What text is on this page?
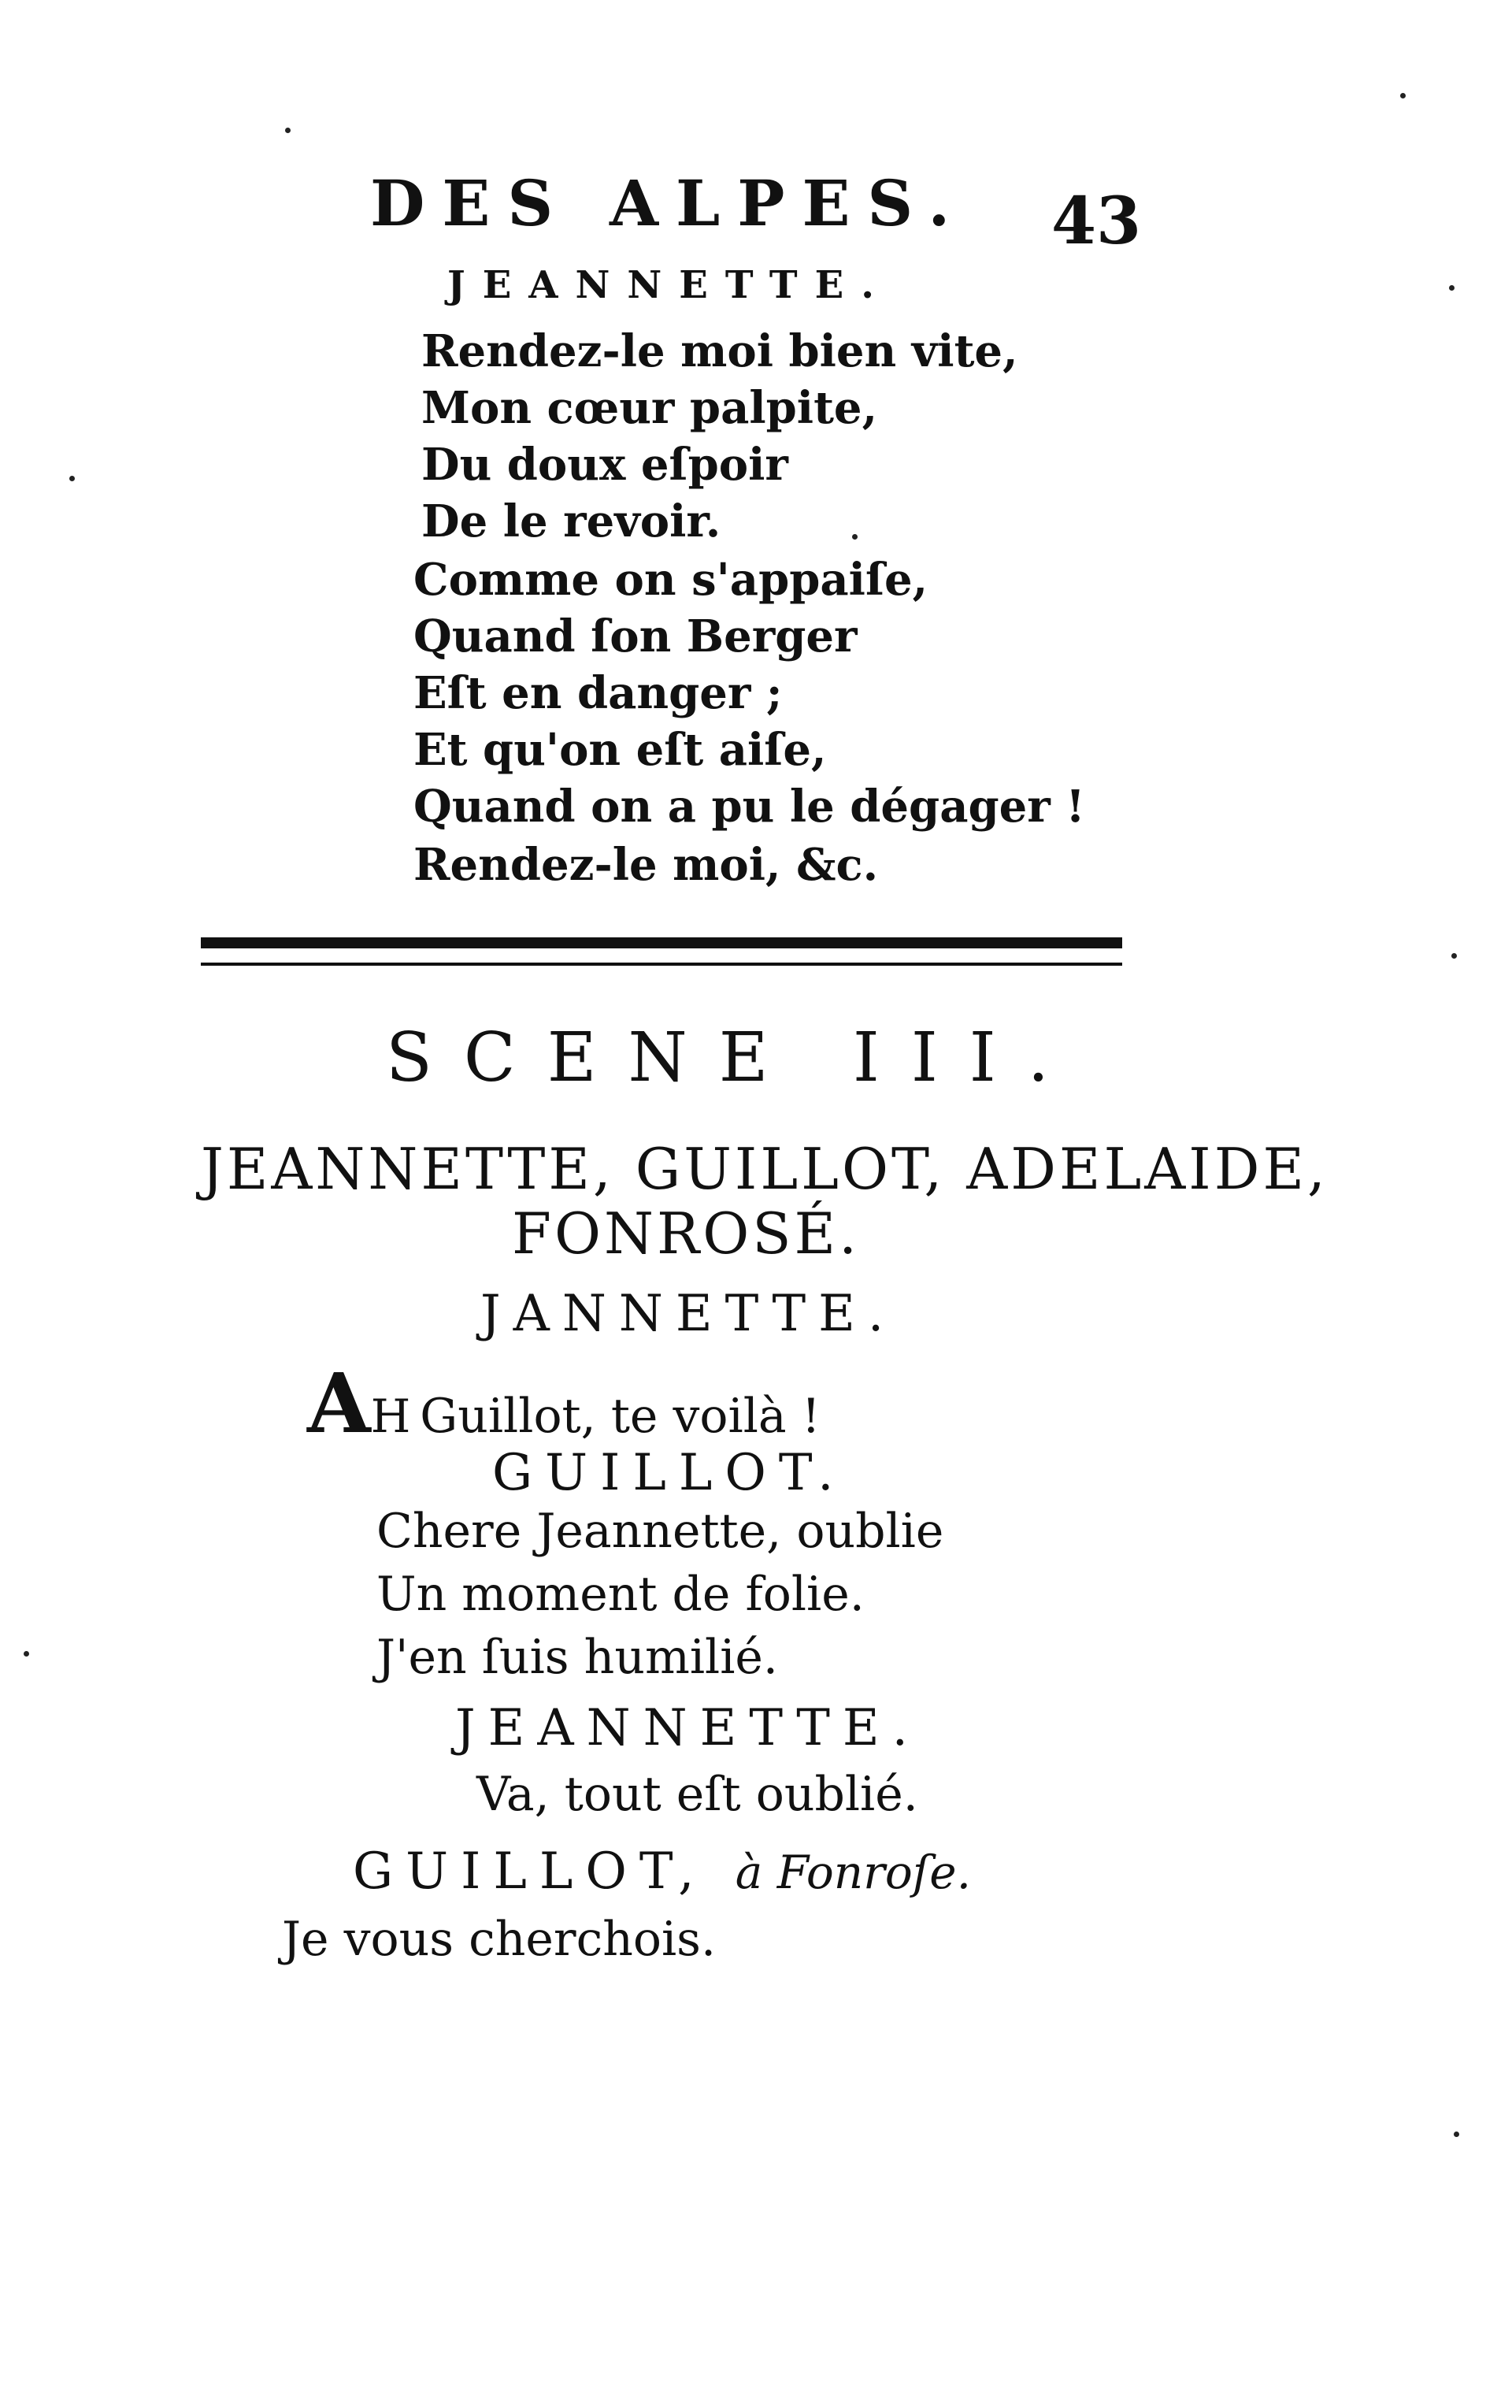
DES ALPES. 43
JEANNETTE.
Rendez-le moi bien vite,
Mon cœur palpite,
Du doux eſpoir
De le revoir.
Comme on s'appaiſe,
Quand ſon Berger
Eſt en danger ;
Et qu'on eſt aiſe,
Quand on a pu le dégager !
Rendez-le moi, &c.
SCENE III.
JEANNETTE, GUILLOT, ADELAIDE,
FONROSÉ.
JANNETTE.
AH Guillot, te voilà !
GUILLOT.
Chere Jeannette, oublie
Un moment de folie.
J'en ſuis humilié.
JEANNETTE.
Va, tout eſt oublié.
GUILLOT, à Fonroſe.
Je vous cherchois.
